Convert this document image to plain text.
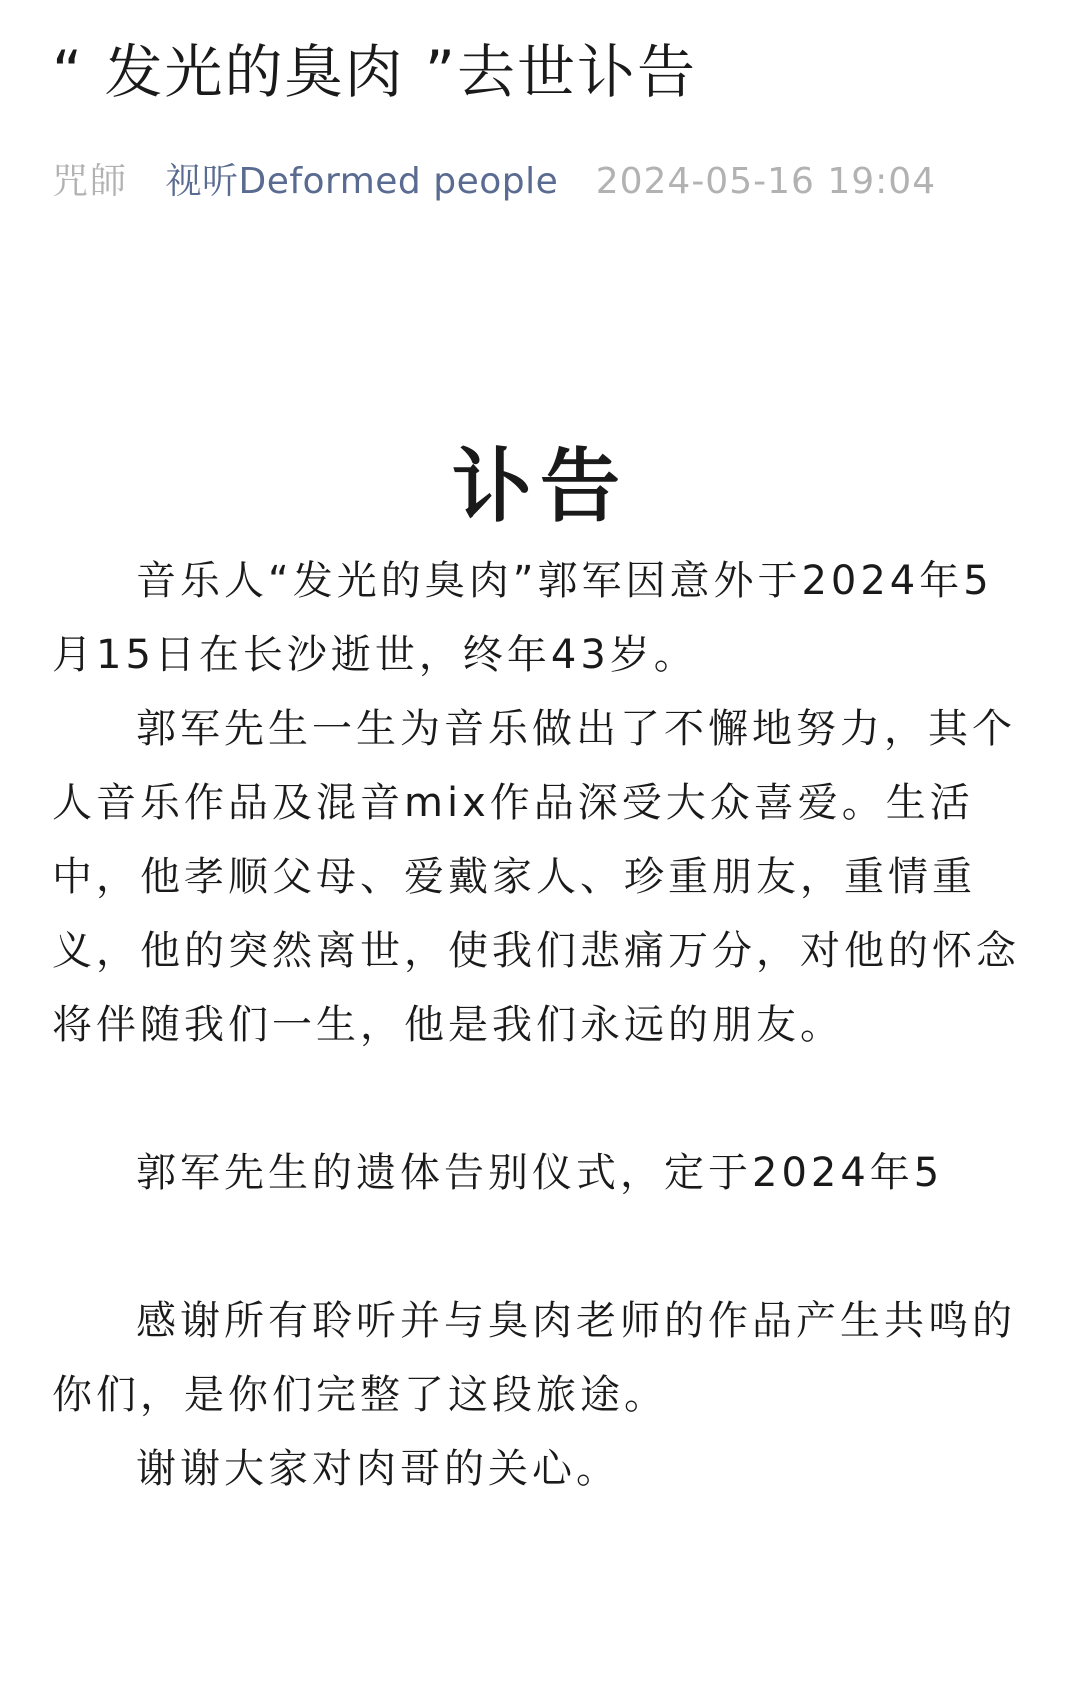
“ 发光的臭肉 ”去世讣告
咒師 视听Deformed people 2024-05-16 19:04
讣告

音乐人“发光的臭肉”郭军因意外于2024年5月15日在长沙逝世，终年43岁。

郭军先生一生为音乐做出了不懈地努力，其个人音乐作品及混音mix作品深受大众喜爱。生活中，他孝顺父母、爱戴家人、珍重朋友，重情重义，他的突然离世，使我们悲痛万分，对他的怀念将伴随我们一生，他是我们永远的朋友。

郭军先生的遗体告别仪式，定于2024年5

感谢所有聆听并与臭肉老师的作品产生共鸣的你们，是你们完整了这段旅途。

谢谢大家对肉哥的关心。
